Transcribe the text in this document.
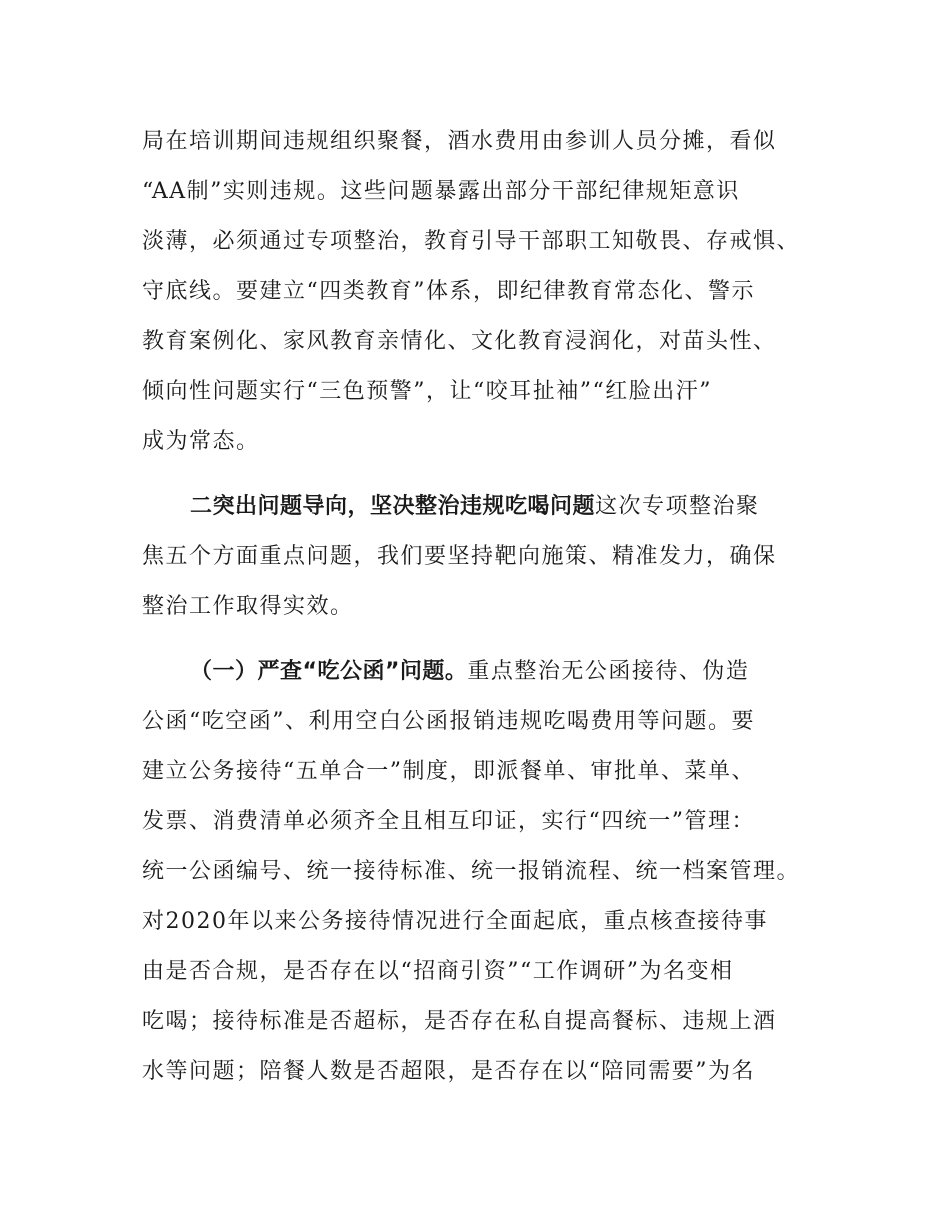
局在培训期间违规组织聚餐，酒水费用由参训人员分摊，看似
“AA制”实则违规。这些问题暴露出部分干部纪律规矩意识
淡薄，必须通过专项整治，教育引导干部职工知敬畏、存戒惧、
守底线。要建立“四类教育”体系，即纪律教育常态化、警示
教育案例化、家风教育亲情化、文化教育浸润化，对苗头性、
倾向性问题实行“三色预警”，让“咬耳扯袖”“红脸出汗”
成为常态。
二突出问题导向，坚决整治违规吃喝问题这次专项整治聚
焦五个方面重点问题，我们要坚持靶向施策、精准发力，确保
整治工作取得实效。
（一）严查“吃公函”问题。重点整治无公函接待、伪造
公函“吃空函”、利用空白公函报销违规吃喝费用等问题。要
建立公务接待“五单合一”制度，即派餐单、审批单、菜单、
发票、消费清单必须齐全且相互印证，实行“四统一”管理：
统一公函编号、统一接待标准、统一报销流程、统一档案管理。
对2020年以来公务接待情况进行全面起底，重点核查接待事
由是否合规，是否存在以“招商引资”“工作调研”为名变相
吃喝；接待标准是否超标，是否存在私自提高餐标、违规上酒
水等问题；陪餐人数是否超限，是否存在以“陪同需要”为名
